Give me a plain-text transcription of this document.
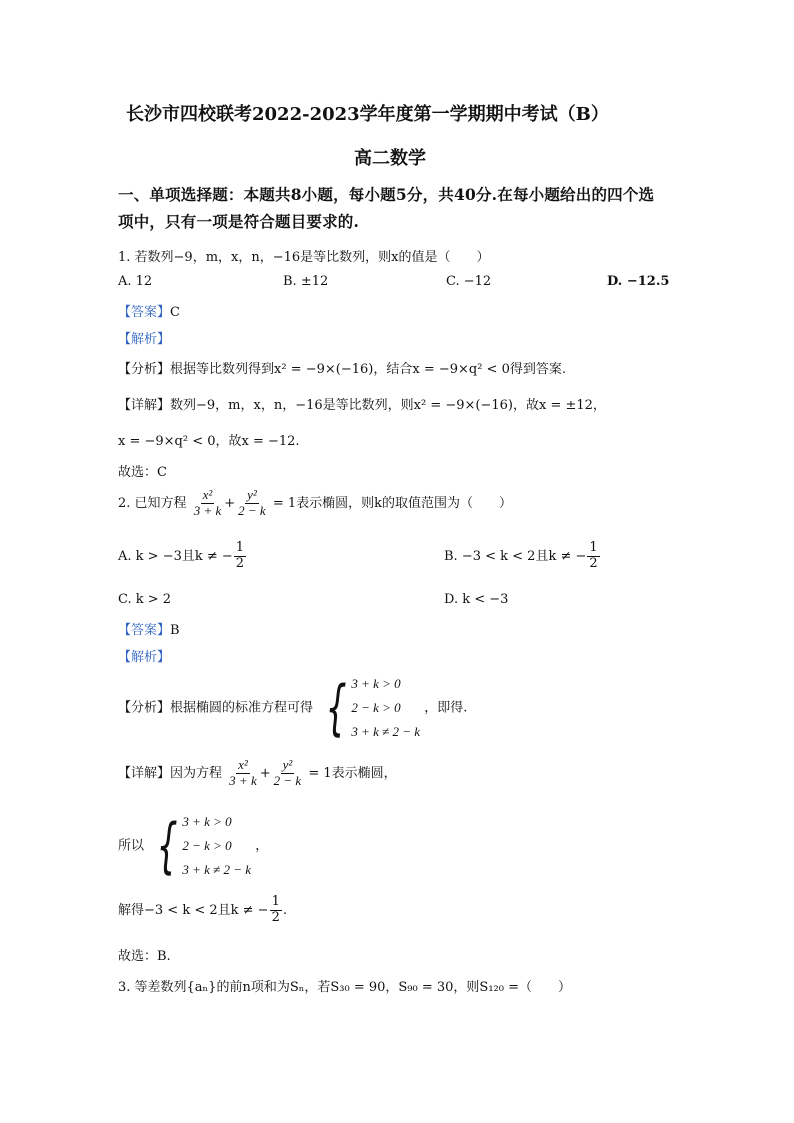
长沙市四校联考2022-2023学年度第一学期期中考试（B）
高二数学
一、单项选择题：本题共8小题，每小题5分，共40分.在每小题给出的四个选
项中，只有一项是符合题目要求的.
1. 若数列−9，m，x，n，−16是等比数列，则x的值是（　　）
A. 12	B. ±12	C. −12	D. −12.5
【答案】C
【解析】
【分析】根据等比数列得到x² = −9×(−16)，结合x = −9×q² < 0得到答案.
【详解】数列−9，m，x，n，−16是等比数列，则x² = −9×(−16)，故x = ±12，
x = −9×q² < 0，故x = −12.
故选：C
2. 已知方程 $\frac{\text{x²}}{3 + k} + \frac{\text{y²}}{2 - k} = 1$表示椭圆，则k的取值范围为（　　）
A. k > −3且k ≠ − $\frac{1}{2}$	B. −3 < k < 2且k ≠ − $\frac{1}{2}$
C. k > 2	D. k < −3
【答案】B
【解析】
【分析】根据椭圆的标准方程可得 { 3 + k > 0
2 − k > 0
3 + k ≠ 2 − k
，即得.
【详解】因为方程 $\frac{\text{x²}}{3 + k} + \frac{\text{y²}}{2 - k} = 1$表示椭圆，
所以 { 3 + k > 0
2 − k > 0
3 + k ≠ 2 − k
，
解得−3 < k < 2且k ≠ − $\frac{1}{2}$ .
故选：B.
3. 等差数列{aₙ}的前n项和为Sₙ，若S₃₀ = 90，S₉₀ = 30，则S₁₂₀ =（　　）
